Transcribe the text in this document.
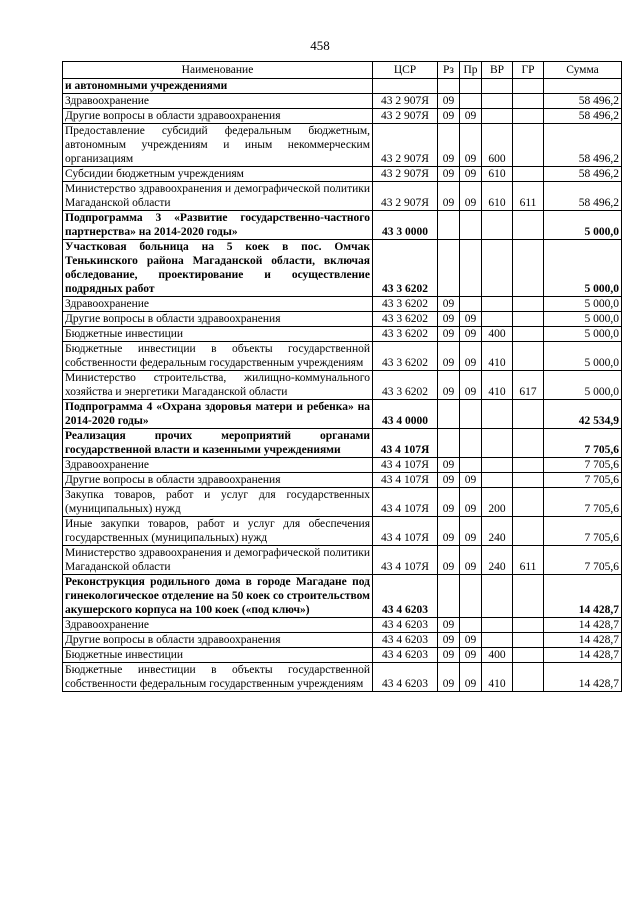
458
Наименование	ЦСР	Рз	Пр	ВР	ГР	Сумма
и автономными учреждениями						
Здравоохранение	43 2 907Я	09				58 496,2
Другие вопросы в области здравоохранения	43 2 907Я	09	09			58 496,2
Предоставление субсидий федеральным бюджетным, автономным учреждениям и иным некоммерческим организациям	43 2 907Я	09	09	600		58 496,2
Субсидии бюджетным учреждениям	43 2 907Я	09	09	610		58 496,2
Министерство здравоохранения и демографической политики Магаданской области	43 2 907Я	09	09	610	611	58 496,2
Подпрограмма 3 «Развитие государственно-частного партнерства» на 2014-2020 годы»	43 3 0000					5 000,0
Участковая больница на 5 коек в пос. Омчак Тенькинского района Магаданской области, включая обследование, проектирование и осуществление подрядных работ	43 3 6202					5 000,0
Здравоохранение	43 3 6202	09				5 000,0
Другие вопросы в области здравоохранения	43 3 6202	09	09			5 000,0
Бюджетные инвестиции	43 3 6202	09	09	400		5 000,0
Бюджетные инвестиции в объекты государственной собственности федеральным государственным учреждениям	43 3 6202	09	09	410		5 000,0
Министерство строительства, жилищно-коммунального хозяйства и энергетики Магаданской области	43 3 6202	09	09	410	617	5 000,0
Подпрограмма 4 «Охрана здоровья матери и ребенка» на 2014-2020 годы»	43 4 0000					42 534,9
Реализация прочих мероприятий органами государственной власти и казенными учреждениями	43 4 107Я					7 705,6
Здравоохранение	43 4 107Я	09				7 705,6
Другие вопросы в области здравоохранения	43 4 107Я	09	09			7 705,6
Закупка товаров, работ и услуг для государственных (муниципальных) нужд	43 4 107Я	09	09	200		7 705,6
Иные закупки товаров, работ и услуг для обеспечения государственных (муниципальных) нужд	43 4 107Я	09	09	240		7 705,6
Министерство здравоохранения и демографической политики Магаданской области	43 4 107Я	09	09	240	611	7 705,6
Реконструкция родильного дома в городе Магадане под гинекологическое отделение на 50 коек со строительством акушерского корпуса на 100 коек («под ключ»)	43 4 6203					14 428,7
Здравоохранение	43 4 6203	09				14 428,7
Другие вопросы в области здравоохранения	43 4 6203	09	09			14 428,7
Бюджетные инвестиции	43 4 6203	09	09	400		14 428,7
Бюджетные инвестиции в объекты государственной собственности федеральным государственным учреждениям	43 4 6203	09	09	410		14 428,7
